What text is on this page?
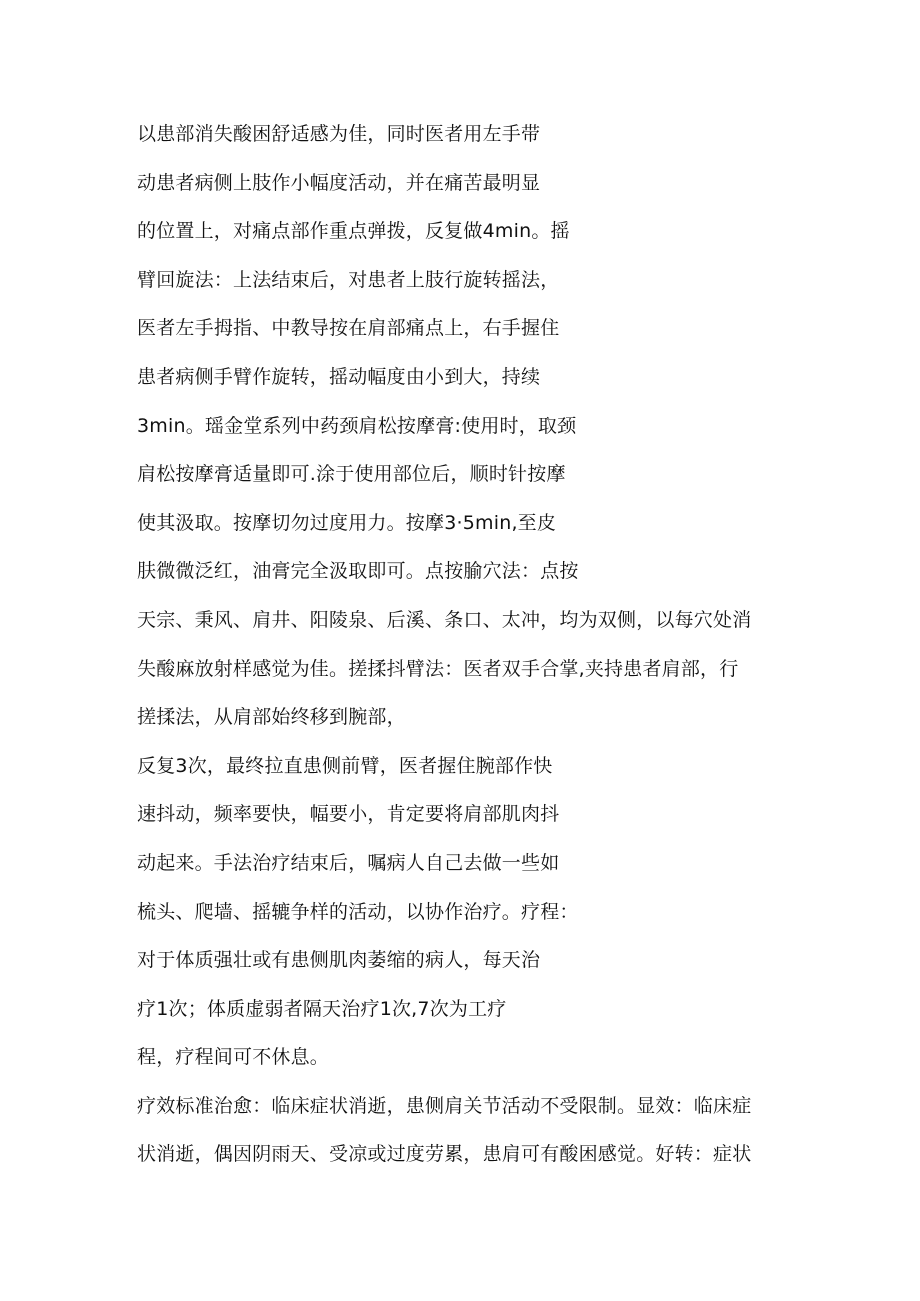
以患部消失酸困舒适感为佳，同时医者用左手带
动患者病侧上肢作小幅度活动，并在痛苦最明显
的位置上，对痛点部作重点弹拨，反复做4min。摇
臂回旋法：上法结束后，对患者上肢行旋转摇法，
医者左手拇指、中教导按在肩部痛点上，右手握住
患者病侧手臂作旋转，摇动幅度由小到大，持续
3min。瑶金堂系列中药颈肩松按摩膏:使用时，取颈
肩松按摩膏适量即可.涂于使用部位后，顺时针按摩
使其汲取。按摩切勿过度用力。按摩3·5min,至皮
肤微微泛红，油膏完全汲取即可。点按腧穴法：点按
天宗、秉风、肩井、阳陵泉、后溪、条口、太冲，均为双侧，以每穴处消
失酸麻放射样感觉为佳。搓揉抖臂法：医者双手合掌,夹持患者肩部，行
搓揉法，从肩部始终移到腕部，
反复3次，最终拉直患侧前臂，医者握住腕部作快
速抖动，频率要快，幅要小，肯定要将肩部肌肉抖
动起来。手法治疗结束后，嘱病人自己去做一些如
梳头、爬墙、摇辘争样的活动，以协作治疗。疗程：
对于体质强壮或有患侧肌肉萎缩的病人，每天治
疗1次；体质虚弱者隔天治疗1次,7次为工疗
程，疗程间可不休息。
疗效标准治愈：临床症状消逝，患侧肩关节活动不受限制。显效：临床症
状消逝，偶因阴雨天、受凉或过度劳累，患肩可有酸困感觉。好转：症状
